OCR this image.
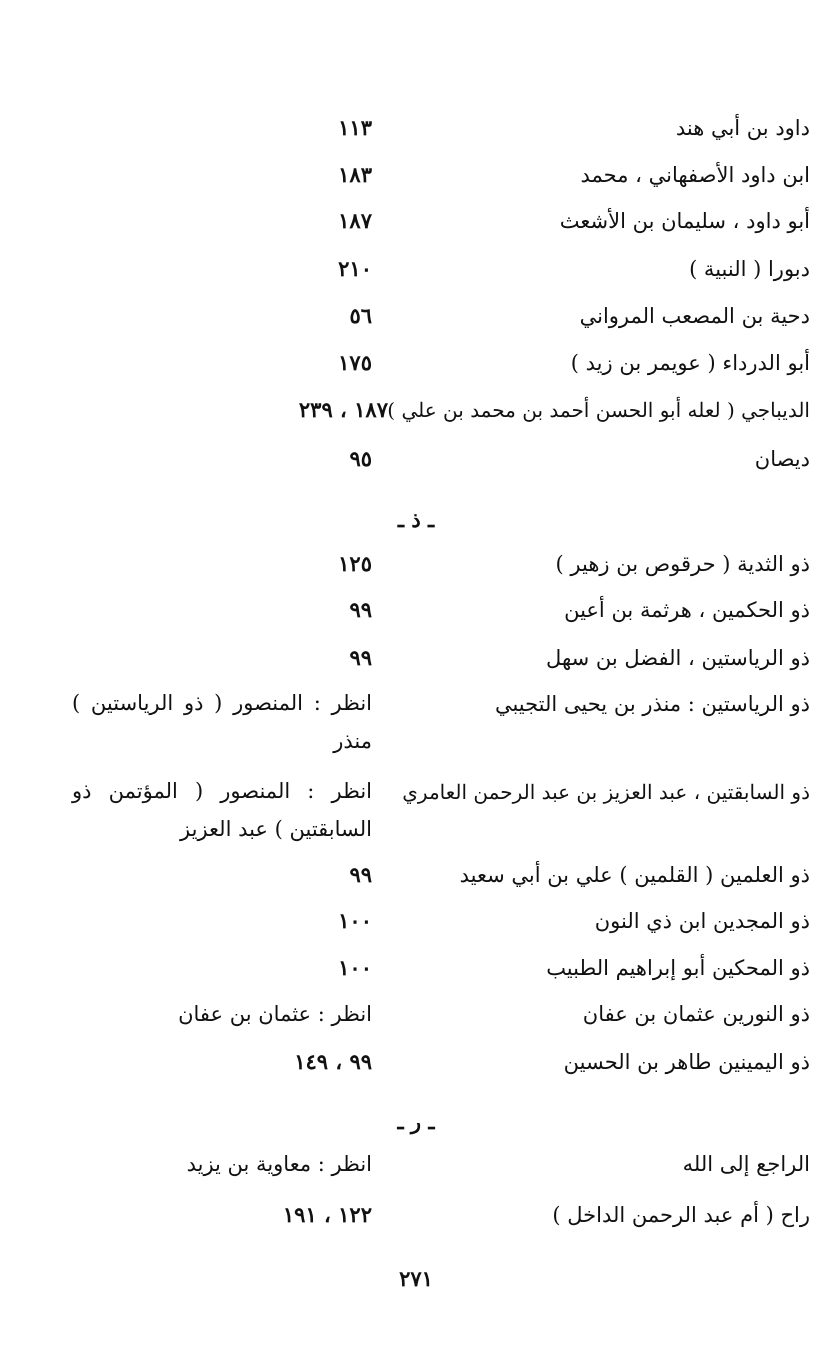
داود بن أبي هند
١١٣
ابن داود الأصفهاني ، محمد
١٨٣
أبو داود ، سليمان بن الأشعث
١٨٧
دبورا ( النبية )
٢١٠
دحية بن المصعب المرواني
٥٦
أبو الدرداء ( عويمر بن زيد )
١٧٥
الديباجي ( لعله أبو الحسن أحمد بن محمد بن علي )
١٨٧ ، ٢٣٩
ديصان
٩٥
ـ ذ ـ
ذو الثدية ( حرقوص بن زهير )
١٢٥
ذو الحكمين ، هرثمة بن أعين
٩٩
ذو الرياستين ، الفضل بن سهل
٩٩
ذو الرياستين : منذر بن يحيى التجيبي
انظر : المنصور ( ذو الرياستين ) منذر
ذو السابقتين ، عبد العزيز بن عبد الرحمن العامري
انظر : المنصور ( المؤتمن ذو السابقتين ) عبد العزيز
ذو العلمين ( القلمين ) علي بن أبي سعيد
٩٩
ذو المجدين ابن ذي النون
١٠٠
ذو المحكين أبو إبراهيم الطبيب
١٠٠
ذو النورين عثمان بن عفان
انظر : عثمان بن عفان
ذو اليمينين طاهر بن الحسين
٩٩ ، ١٤٩
ـ ر ـ
الراجع إلى الله
انظر : معاوية بن يزيد
راح ( أم عبد الرحمن الداخل )
١٢٢ ، ١٩١
٢٧١
